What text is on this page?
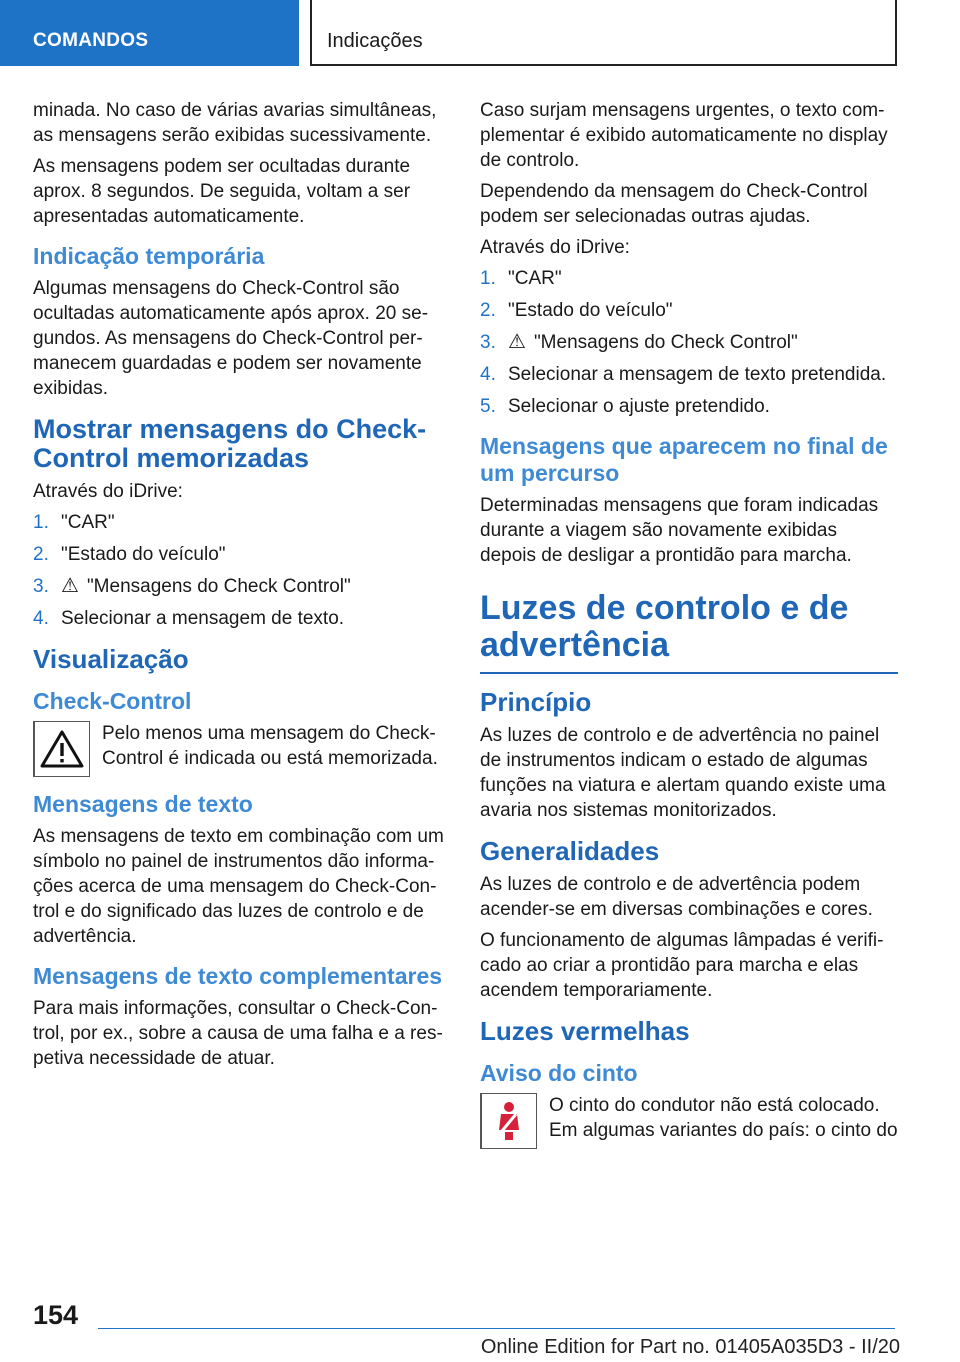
COMANDOS	Indicações

minada. No caso de várias avarias simultâneas, as mensagens serão exibidas sucessivamente.

As mensagens podem ser ocultadas durante aprox. 8 segundos. De seguida, voltam a ser apresentadas automaticamente.

Indicação temporária

Algumas mensagens do Check-Control são ocultadas automaticamente após aprox. 20 segundos. As mensagens do Check-Control permanecem guardadas e podem ser novamente exibidas.

Mostrar mensagens do Check-Control memorizadas

Através do iDrive:

1. "CAR"
2. "Estado do veículo"
3. ⚠ "Mensagens do Check Control"
4. Selecionar a mensagem de texto.
Visualização
Check-Control

Pelo menos uma mensagem do Check-Control é indicada ou está memorizada.

Mensagens de texto

As mensagens de texto em combinação com um símbolo no painel de instrumentos dão informações acerca de uma mensagem do Check-Control e do significado das luzes de controlo e de advertência.

Mensagens de texto complementares

Para mais informações, consultar o Check-Control, por ex., sobre a causa de uma falha e a respetiva necessidade de atuar.

Caso surjam mensagens urgentes, o texto complementar é exibido automaticamente no display de controlo.

Dependendo da mensagem do Check-Control podem ser selecionadas outras ajudas.

Através do iDrive:

1. "CAR"
2. "Estado do veículo"
3. ⚠ "Mensagens do Check Control"
4. Selecionar a mensagem de texto pretendida.
5. Selecionar o ajuste pretendido.
Mensagens que aparecem no final de um percurso

Determinadas mensagens que foram indicadas durante a viagem são novamente exibidas depois de desligar a prontidão para marcha.

Luzes de controlo e de advertência
Princípio

As luzes de controlo e de advertência no painel de instrumentos indicam o estado de algumas funções na viatura e alertam quando existe uma avaria nos sistemas monitorizados.

Generalidades

As luzes de controlo e de advertência podem acender-se em diversas combinações e cores.

O funcionamento de algumas lâmpadas é verificado ao criar a prontidão para marcha e elas acendem temporariamente.

Luzes vermelhas
Aviso do cinto

O cinto do condutor não está colocado. Em algumas variantes do país: o cinto do

154
Online Edition for Part no. 01405A035D3 - II/20
